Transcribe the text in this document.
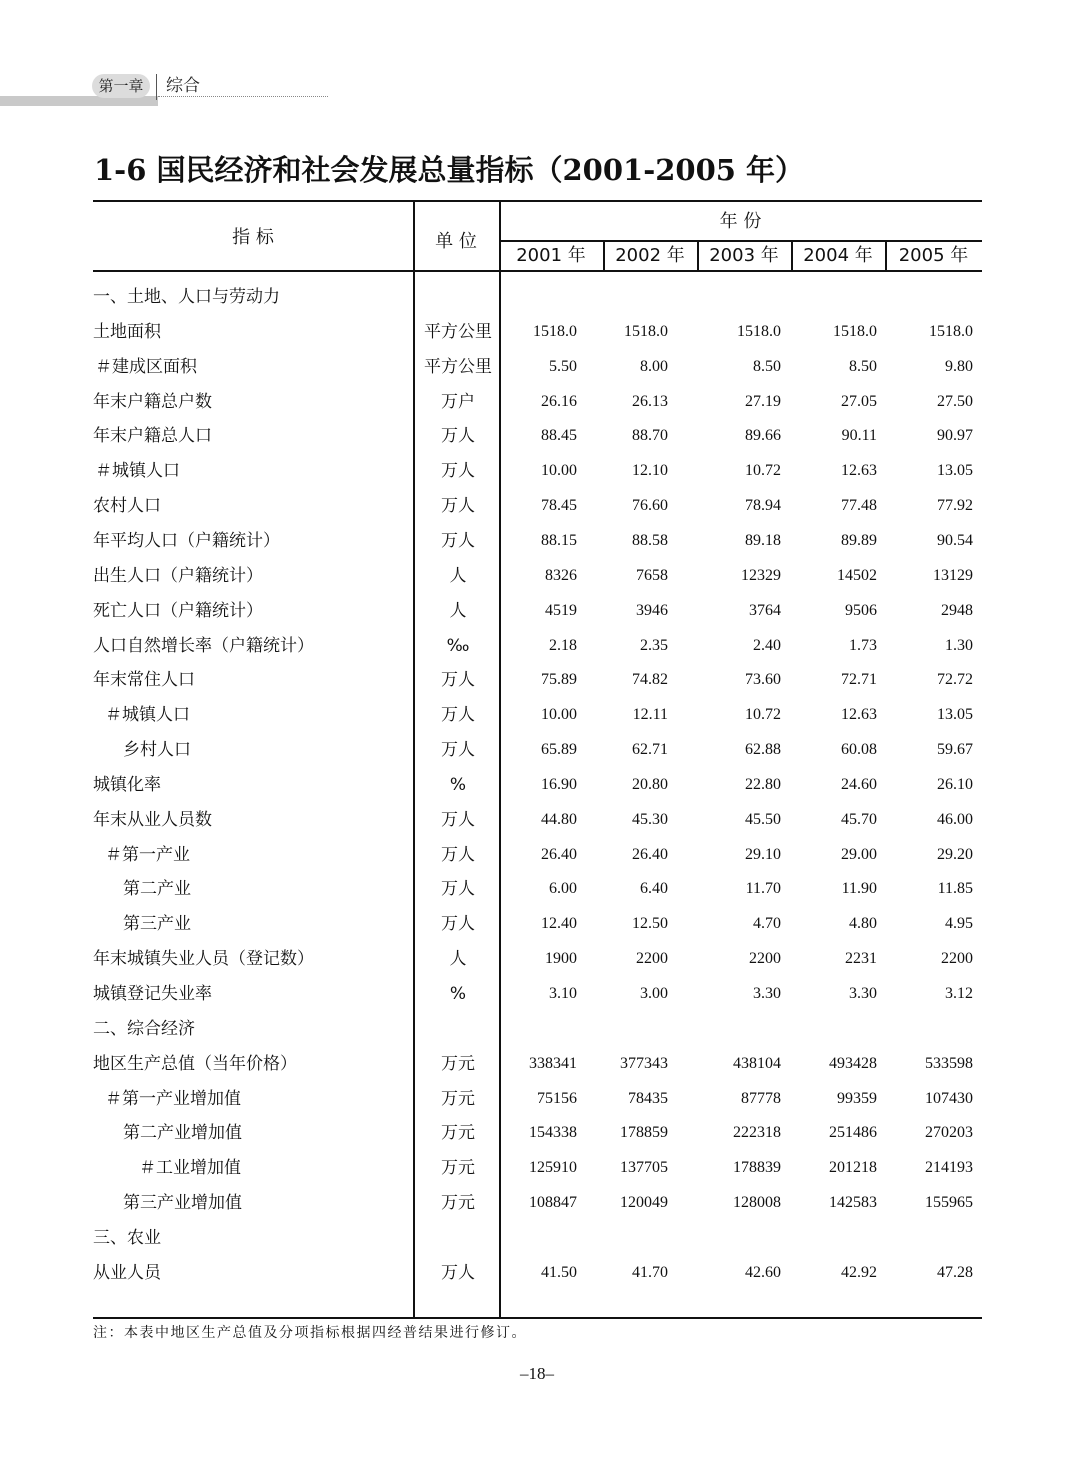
第一章	综合
1-6 国民经济和社会发展总量指标（2001-2005 年）
指 标	单 位
年 份
2001 年	2002 年	2003 年	2004 年	2005 年
一、土地、人口与劳动力
土地面积	平方公里	1518.0	1518.0	1518.0	1518.0	1518.0
＃建成区面积	平方公里	5.50	8.00	8.50	8.50	9.80
年末户籍总户数	万户	26.16	26.13	27.19	27.05	27.50
年末户籍总人口	万人	88.45	88.70	89.66	90.11	90.97
＃城镇人口	万人	10.00	12.10	10.72	12.63	13.05
农村人口	万人	78.45	76.60	78.94	77.48	77.92
年平均人口（户籍统计）	万人	88.15	88.58	89.18	89.89	90.54
出生人口（户籍统计）	人	8326	7658	12329	14502	13129
死亡人口（户籍统计）	人	4519	3946	3764	9506	2948
人口自然增长率（户籍统计）	‰	2.18	2.35	2.40	1.73	1.30
年末常住人口	万人	75.89	74.82	73.60	72.71	72.72
＃城镇人口	万人	10.00	12.11	10.72	12.63	13.05
乡村人口	万人	65.89	62.71	62.88	60.08	59.67
城镇化率	%	16.90	20.80	22.80	24.60	26.10
年末从业人员数	万人	44.80	45.30	45.50	45.70	46.00
＃第一产业	万人	26.40	26.40	29.10	29.00	29.20
第二产业	万人	6.00	6.40	11.70	11.90	11.85
第三产业	万人	12.40	12.50	4.70	4.80	4.95
年末城镇失业人员（登记数）	人	1900	2200	2200	2231	2200
城镇登记失业率	%	3.10	3.00	3.30	3.30	3.12
二、综合经济
地区生产总值（当年价格）	万元	338341	377343	438104	493428	533598
＃第一产业增加值	万元	75156	78435	87778	99359	107430
第二产业增加值	万元	154338	178859	222318	251486	270203
＃工业增加值	万元	125910	137705	178839	201218	214193
第三产业增加值	万元	108847	120049	128008	142583	155965
三、农业
从业人员	万人	41.50	41.70	42.60	42.92	47.28
注：本表中地区生产总值及分项指标根据四经普结果进行修订。
–18–
